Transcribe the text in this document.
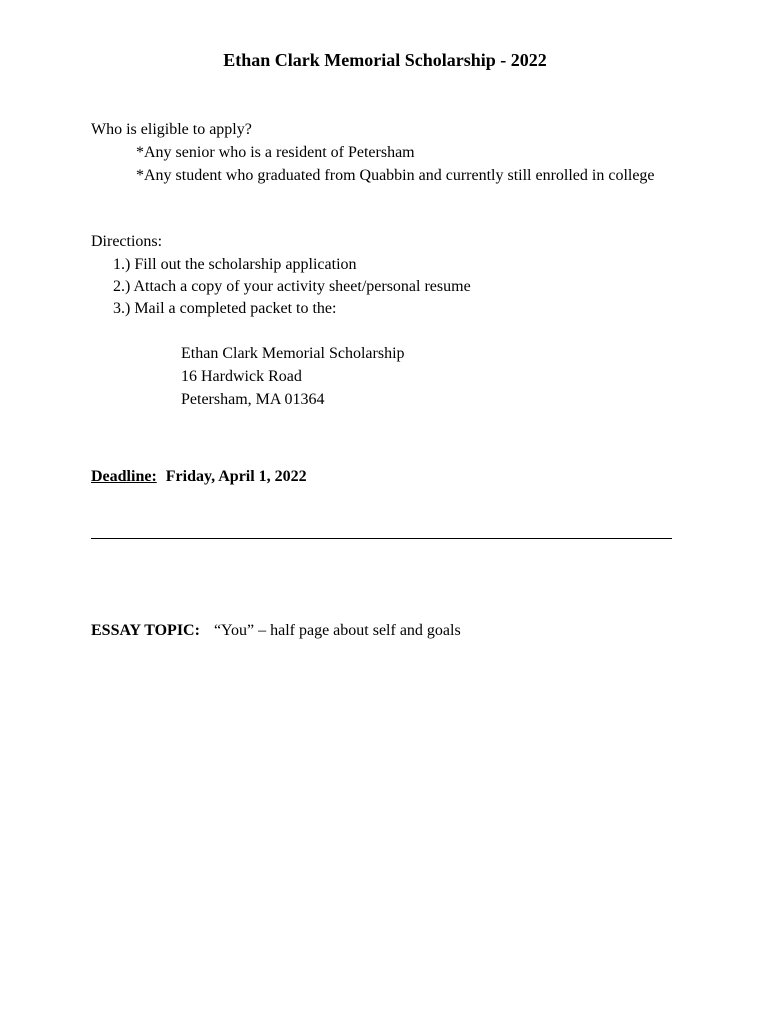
Ethan Clark Memorial Scholarship - 2022
Who is eligible to apply?
*Any senior who is a resident of Petersham
*Any student who graduated from Quabbin and currently still enrolled in college
Directions:
1.) Fill out the scholarship application
2.) Attach a copy of your activity sheet/personal resume
3.) Mail a completed packet to the:
Ethan Clark Memorial Scholarship
16 Hardwick Road
Petersham, MA 01364
Deadline: Friday, April 1, 2022
ESSAY TOPIC: “You” – half page about self and goals
